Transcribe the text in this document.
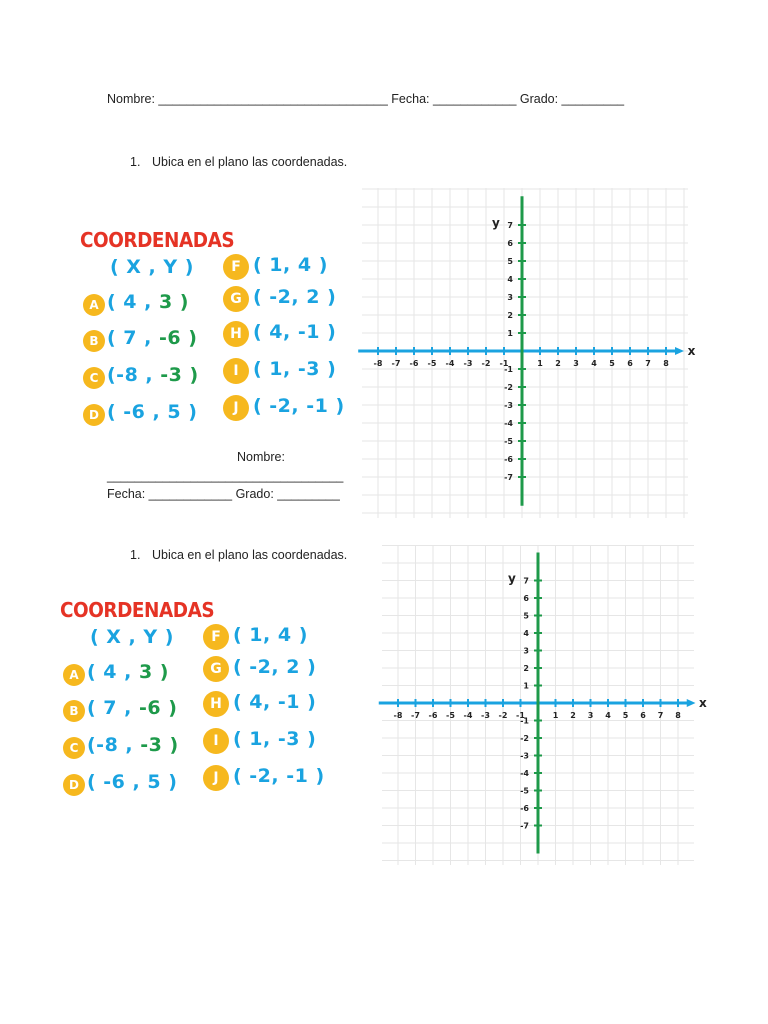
Nombre: _________________________________ Fecha: ____________ Grado: _________
1. Ubica en el plano las coordenadas.
COORDENADAS
( X , Y )
A ( 4 , 3 )
B ( 7 , -6 )
C (-8 , -3 )
D ( -6 , 5 )
F ( 1, 4 )
G ( -2, 2 )
H ( 4, -1 )
I ( 1, -3 )
J ( -2, -1 )
Nombre:
__________________________________
Fecha: ____________ Grado: _________
-8 -7 -6 -5 -4 -3 -2 -1	1 2 3 4 5 6 7 8
7
6
5
4
3
2
1
-1
-2
-3
-4
-5
-6
-7
x
y
1. Ubica en el plano las coordenadas.
COORDENADAS
( X , Y )
A ( 4 , 3 )
B ( 7 , -6 )
C (-8 , -3 )
D ( -6 , 5 )
F ( 1, 4 )
G ( -2, 2 )
H ( 4, -1 )
I ( 1, -3 )
J ( -2, -1 )
-8 -7 -6 -5 -4 -3 -2 -1	1 2 3 4 5 6 7 8
7
6
5
4
3
2
1
-1
-2
-3
-4
-5
-6
-7
x
y
